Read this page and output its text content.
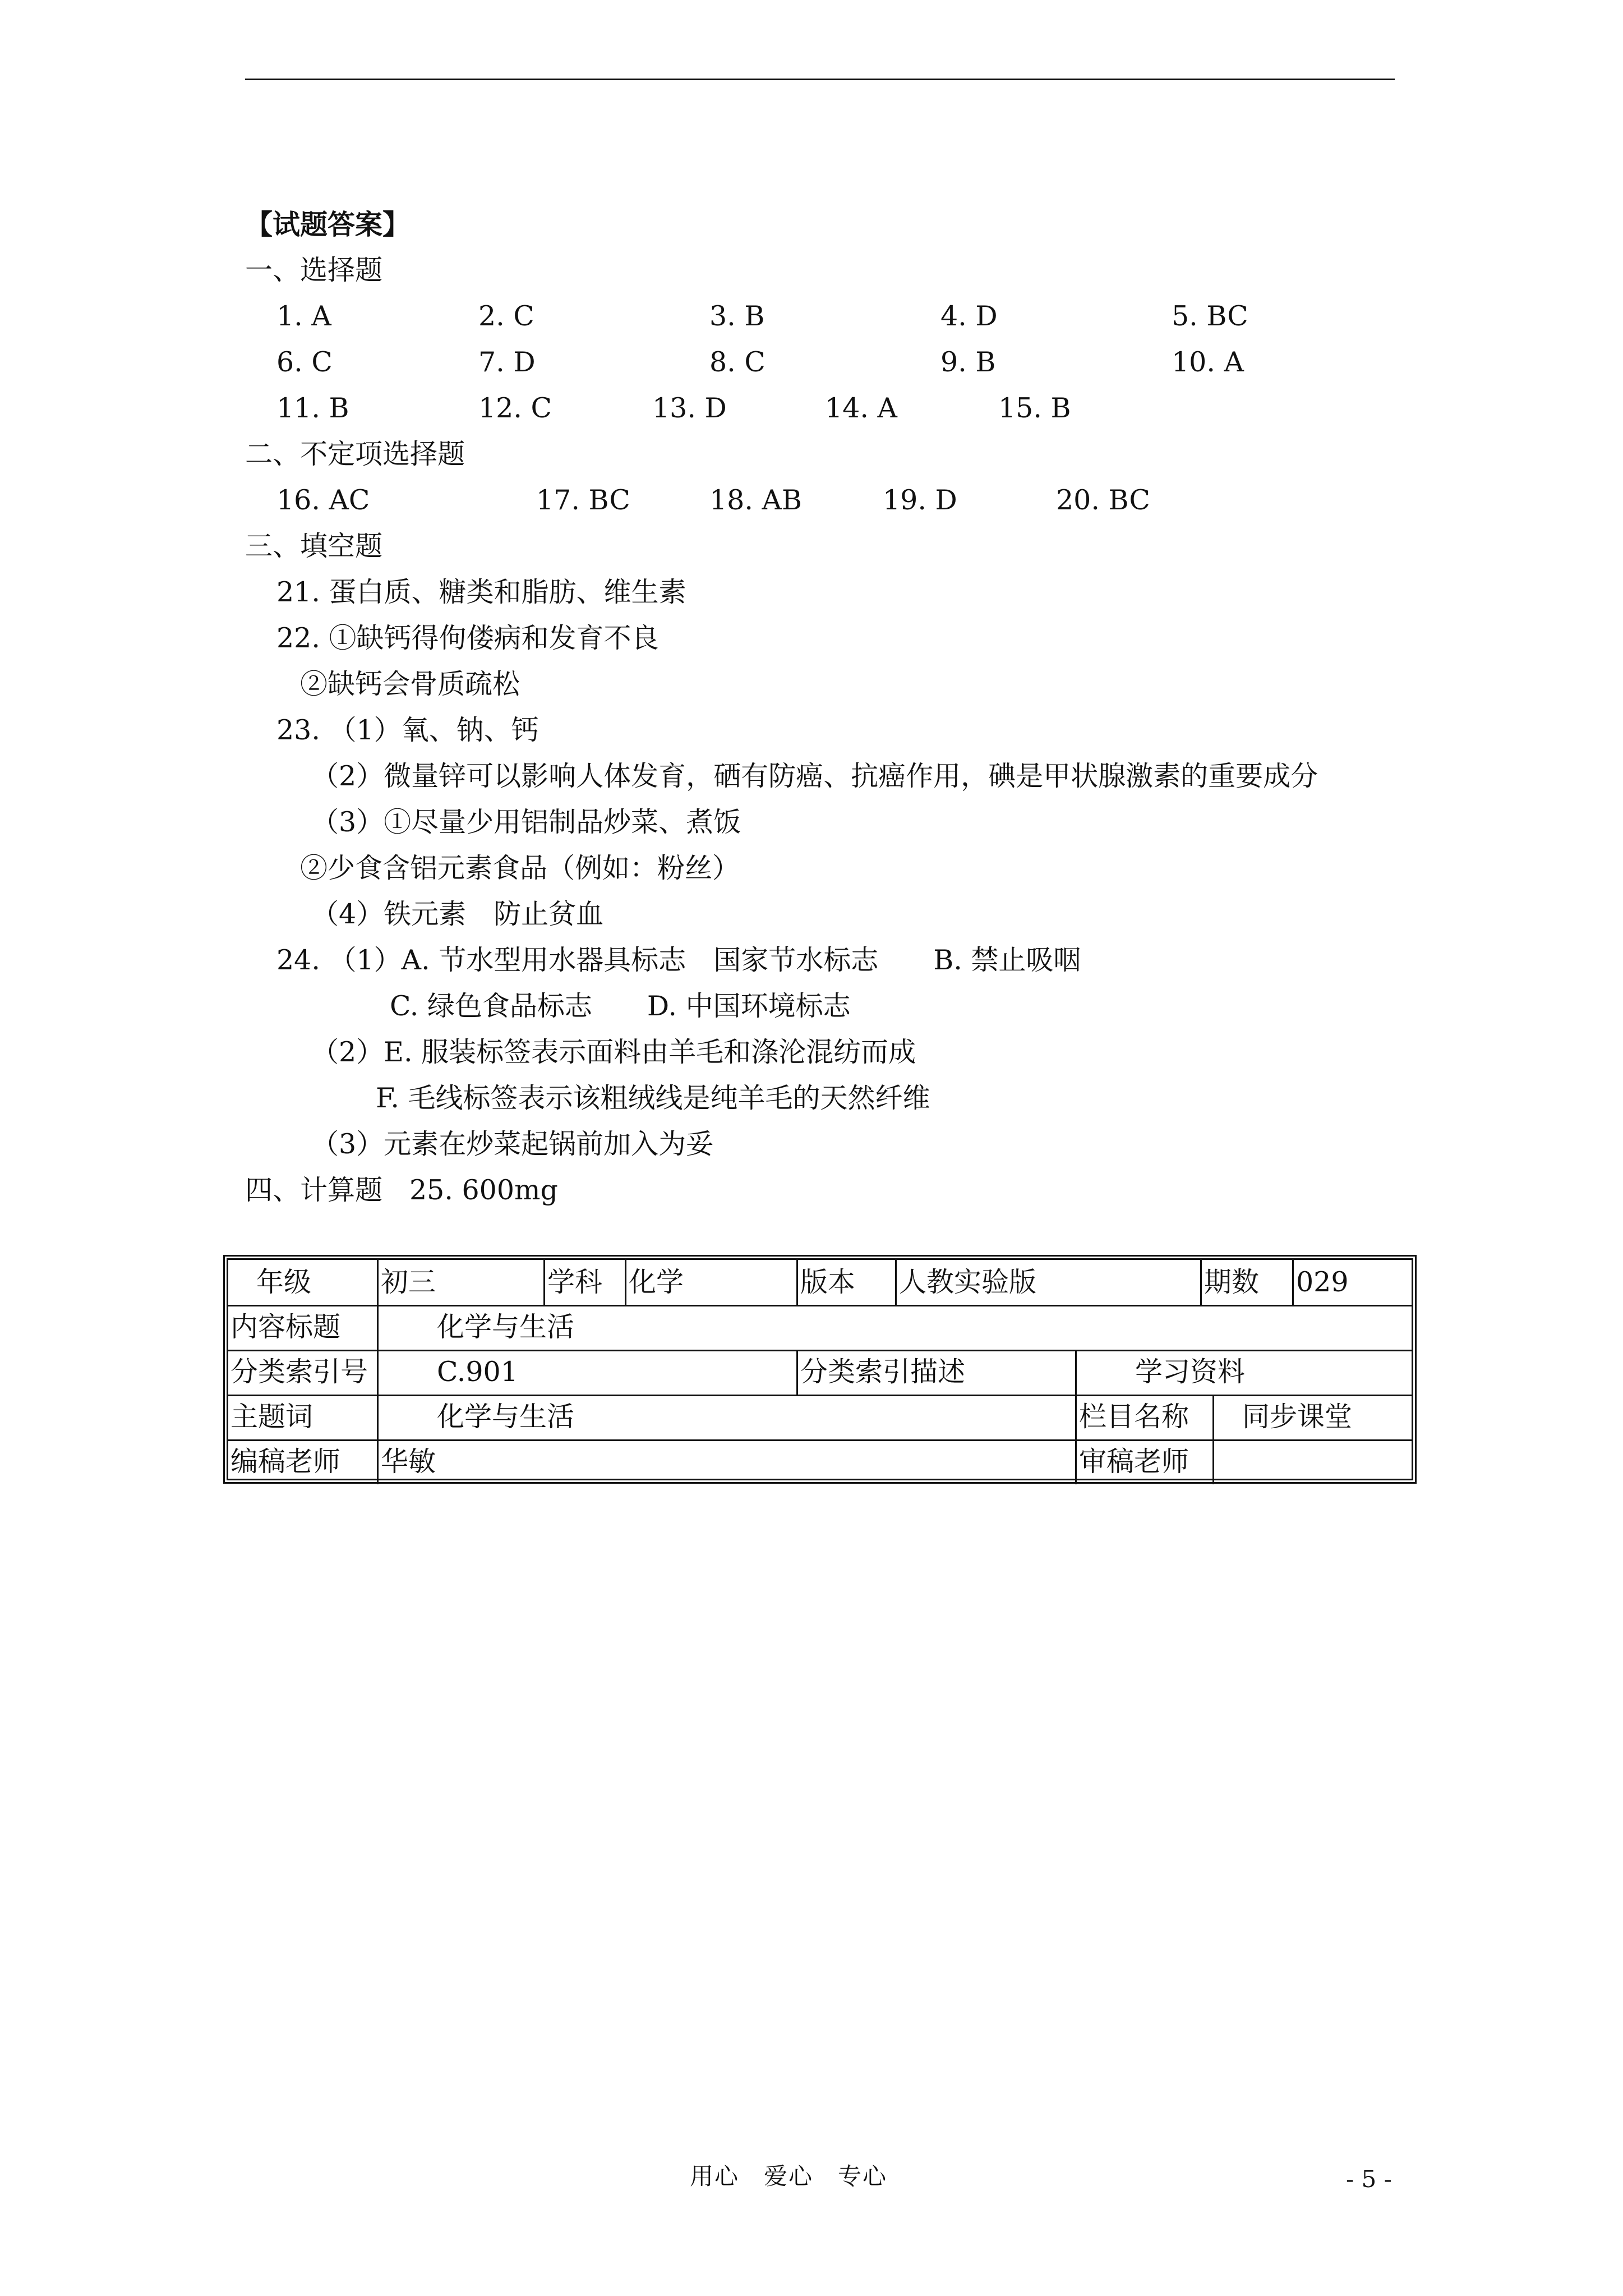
【试题答案】
一、选择题
1. A	2. C	3. B	4. D	5. BC
6. C	7. D	8. C	9. B	10. A
11. B	12. C	13. D	14. A	15. B
二、不定项选择题
16. AC	17. BC	18. AB	19. D	20. BC
三、填空题
21. 蛋白质、糖类和脂肪、维生素
22. ①缺钙得佝偻病和发育不良
②缺钙会骨质疏松
23. （1）氧、钠、钙
（2）微量锌可以影响人体发育，硒有防癌、抗癌作用，碘是甲状腺激素的重要成分
（3）①尽量少用铝制品炒菜、煮饭
②少食含铝元素食品（例如：粉丝）
（4）铁元素　防止贫血
24. （1）A. 节水型用水器具标志　国家节水标志　　B. 禁止吸咽
C. 绿色食品标志　　D. 中国环境标志
（2）E. 服装标签表示面料由羊毛和涤沦混纺而成
F. 毛线标签表示该粗绒线是纯羊毛的天然纤维
（3）元素在炒菜起锅前加入为妥
四、计算题 25. 600mg
年级	初三	学科 化学	版本	人教实验版	期数	029
内容标题	化学与生活
分类索引号	C.901	分类索引描述	学习资料
主题词	化学与生活	栏目名称	同步课堂
编稿老师	华敏	审稿老师
用心　爱心　专心	- 5 -
